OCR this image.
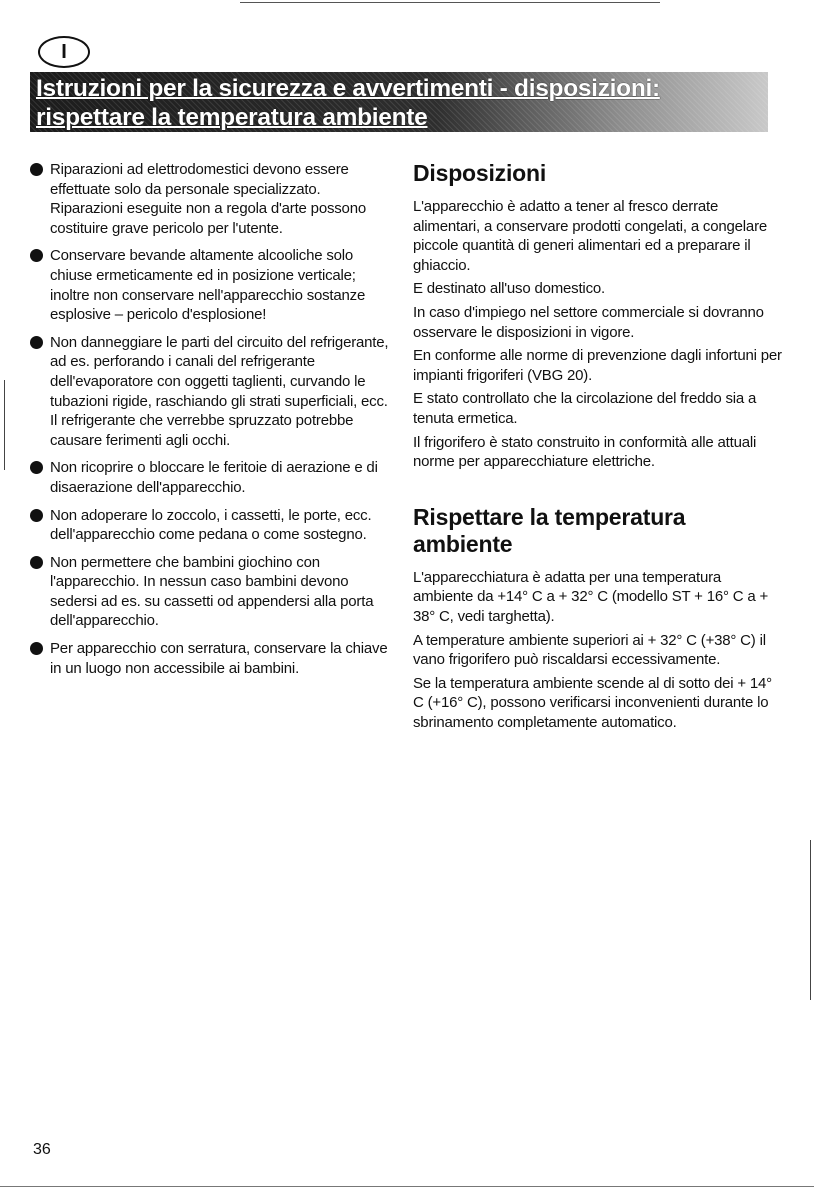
I
Istruzioni per la sicurezza e avvertimenti - disposizioni: rispettare la temperatura ambiente
Riparazioni ad elettrodomestici devono essere effettuate solo da personale specializzato. Riparazioni eseguite non a regola d'arte possono costituire grave pericolo per l'utente.
Conservare bevande altamente alcooliche solo chiuse ermeticamente ed in posizione verticale; inoltre non conservare nell'apparecchio sostanze esplosive – pericolo d'esplosione!
Non danneggiare le parti del circuito del refrigerante, ad es. perforando i canali del refrigerante dell'evaporatore con oggetti taglienti, curvando le tubazioni rigide, raschiando gli strati superficiali, ecc. Il refrigerante che verrebbe spruzzato potrebbe causare ferimenti agli occhi.
Non ricoprire o bloccare le feritoie di aerazione e di disaerazione dell'apparecchio.
Non adoperare lo zoccolo, i cassetti, le porte, ecc. dell'apparecchio come pedana o come sostegno.
Non permettere che bambini giochino con l'apparecchio. In nessun caso bambini devono sedersi ad es. su cassetti od appendersi alla porta dell'apparecchio.
Per apparecchio con serratura, conservare la chiave in un luogo non accessibile ai bambini.
Disposizioni

L'apparecchio è adatto a tener al fresco derrate alimentari, a conservare prodotti congelati, a congelare piccole quantità di generi alimentari ed a preparare il ghiaccio.

E destinato all'uso domestico.

In caso d'impiego nel settore commerciale si dovranno osservare le disposizioni in vigore.

En conforme alle norme di prevenzione dagli infortuni per impianti frigoriferi (VBG 20).

E stato controllato che la circolazione del freddo sia a tenuta ermetica.

Il frigorifero è stato construito in conformità alle attuali norme per apparecchiature elettriche.

Rispettare la temperatura ambiente

L'apparecchiatura è adatta per una temperatura ambiente da +14° C a + 32° C (modello ST + 16° C a + 38° C, vedi targhetta).

A temperature ambiente superiori ai + 32° C (+38° C) il vano frigorifero può riscaldarsi eccessivamente.

Se la temperatura ambiente scende al di sotto dei + 14° C (+16° C), possono verificarsi inconvenienti durante lo sbrinamento completamente automatico.

36
